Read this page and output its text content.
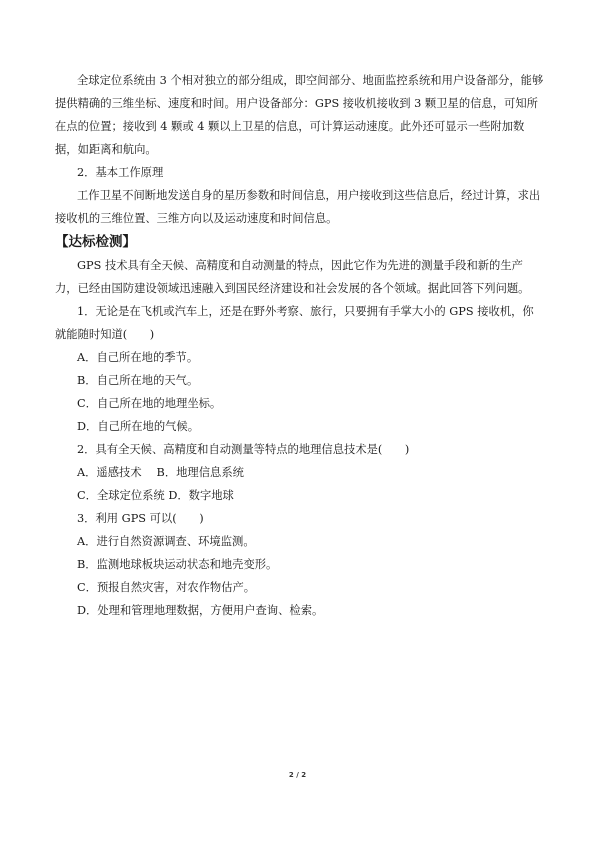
全球定位系统由 3 个相对独立的部分组成，即空间部分、地面监控系统和用户设备部分，能够提供精确的三维坐标、速度和时间。用户设备部分：GPS 接收机接收到 3 颗卫星的信息，可知所在点的位置；接收到 4 颗或 4 颗以上卫星的信息，可计算运动速度。此外还可显示一些附加数据，如距离和航向。

2．基本工作原理

工作卫星不间断地发送自身的星历参数和时间信息，用户接收到这些信息后，经过计算，求出接收机的三维位置、三维方向以及运动速度和时间信息。

【达标检测】

GPS 技术具有全天候、高精度和自动测量的特点，因此它作为先进的测量手段和新的生产力，已经由国防建设领域迅速融入到国民经济建设和社会发展的各个领域。据此回答下列问题。

1．无论是在飞机或汽车上，还是在野外考察、旅行，只要拥有手掌大小的 GPS 接收机，你就能随时知道(　　)

A．自己所在地的季节。

B．自己所在地的天气。

C．自己所在地的地理坐标。

D．自己所在地的气候。

2．具有全天候、高精度和自动测量等特点的地理信息技术是(　　)

A．遥感技术　 B．地理信息系统

C．全球定位系统 D．数字地球

3．利用 GPS 可以(　　)

A．进行自然资源调查、环境监测。

B．监测地球板块运动状态和地壳变形。

C．预报自然灾害，对农作物估产。

D．处理和管理地理数据，方便用户查询、检索。

2 / 2
